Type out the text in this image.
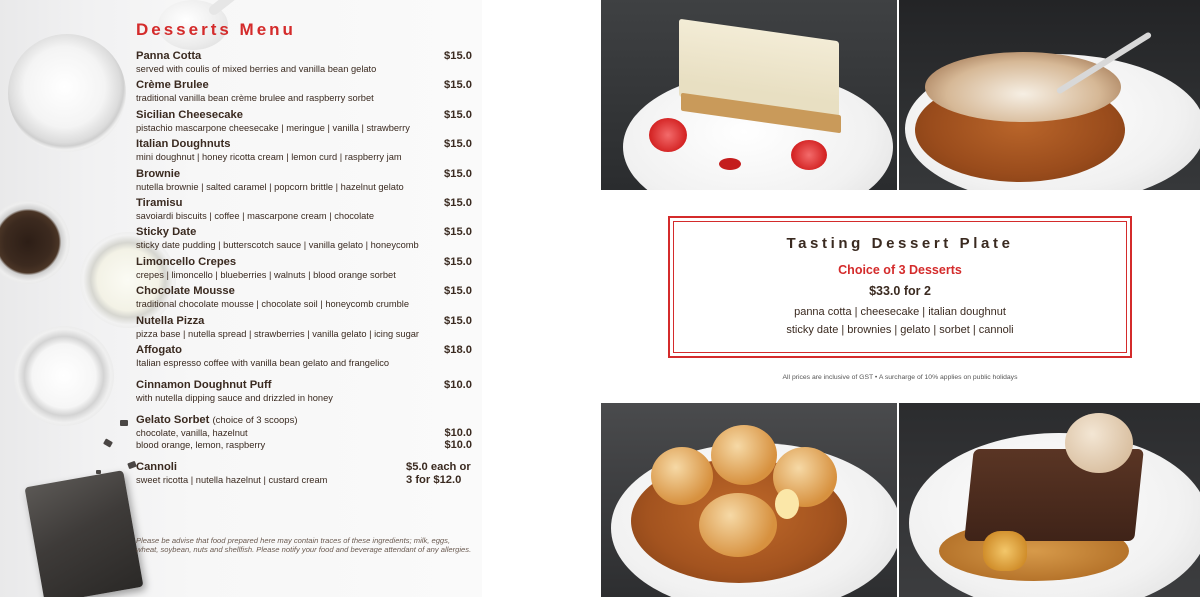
Desserts Menu
Panna Cotta	$15.0
served with coulis of mixed berries and vanilla bean gelato
Crème Brulee	$15.0
traditional vanilla bean crème brulee and raspberry sorbet
Sicilian Cheesecake	$15.0
pistachio mascarpone cheesecake | meringue | vanilla | strawberry
Italian Doughnuts	$15.0
mini doughnut | honey ricotta cream | lemon curd | raspberry jam
Brownie	$15.0
nutella brownie | salted caramel | popcorn brittle | hazelnut gelato
Tiramisu	$15.0
savoiardi biscuits | coffee | mascarpone cream | chocolate
Sticky Date	$15.0
sticky date pudding | butterscotch sauce | vanilla gelato | honeycomb
Limoncello Crepes	$15.0
crepes | limoncello | blueberries | walnuts | blood orange sorbet
Chocolate Mousse	$15.0
traditional chocolate mousse | chocolate soil | honeycomb crumble
Nutella Pizza	$15.0
pizza base | nutella spread | strawberries | vanilla gelato | icing sugar
Affogato	$18.0
Italian espresso coffee with vanilla bean gelato and frangelico
Cinnamon Doughnut Puff	$10.0
with nutella dipping sauce and drizzled in honey
Gelato Sorbet (choice of 3 scoops)
chocolate, vanilla, hazelnut	$10.0
blood orange, lemon, raspberry	$10.0
Cannoli
sweet ricotta | nutella hazelnut | custard cream
$5.0 each or
3 for $12.0
Please be advise that food prepared here may contain traces of these ingredients; milk, eggs, wheat, soybean, nuts and shellfish. Please notify your food and beverage attendant of any allergies.
Tasting Dessert Plate
Choice of 3 Desserts
$33.0 for 2
panna cotta | cheesecake | italian doughnut
sticky date | brownies | gelato | sorbet | cannoli
All prices are inclusive of GST • A surcharge of 10% applies on public holidays
